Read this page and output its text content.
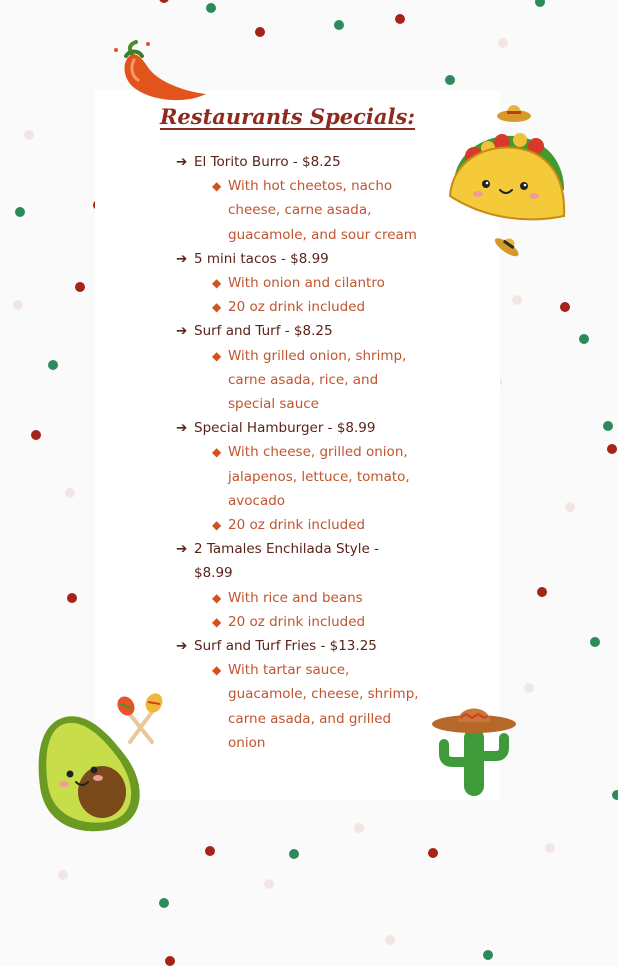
Restaurants Specials:
➔ El Torito Burro - $8.25
◆ With hot cheetos, nacho cheese, carne asada, guacamole, and sour cream
➔ 5 mini tacos - $8.99
◆ With onion and cilantro
◆ 20 oz drink included
➔ Surf and Turf - $8.25
◆ With grilled onion, shrimp, carne asada, rice, and special sauce
➔ Special Hamburger - $8.99
◆ With cheese, grilled onion, jalapenos, lettuce, tomato, avocado
◆ 20 oz drink included
➔ 2 Tamales Enchilada Style - $8.99
◆ With rice and beans
◆ 20 oz drink included
➔ Surf and Turf Fries - $13.25
◆ With tartar sauce, guacamole, cheese, shrimp, carne asada, and grilled onion
